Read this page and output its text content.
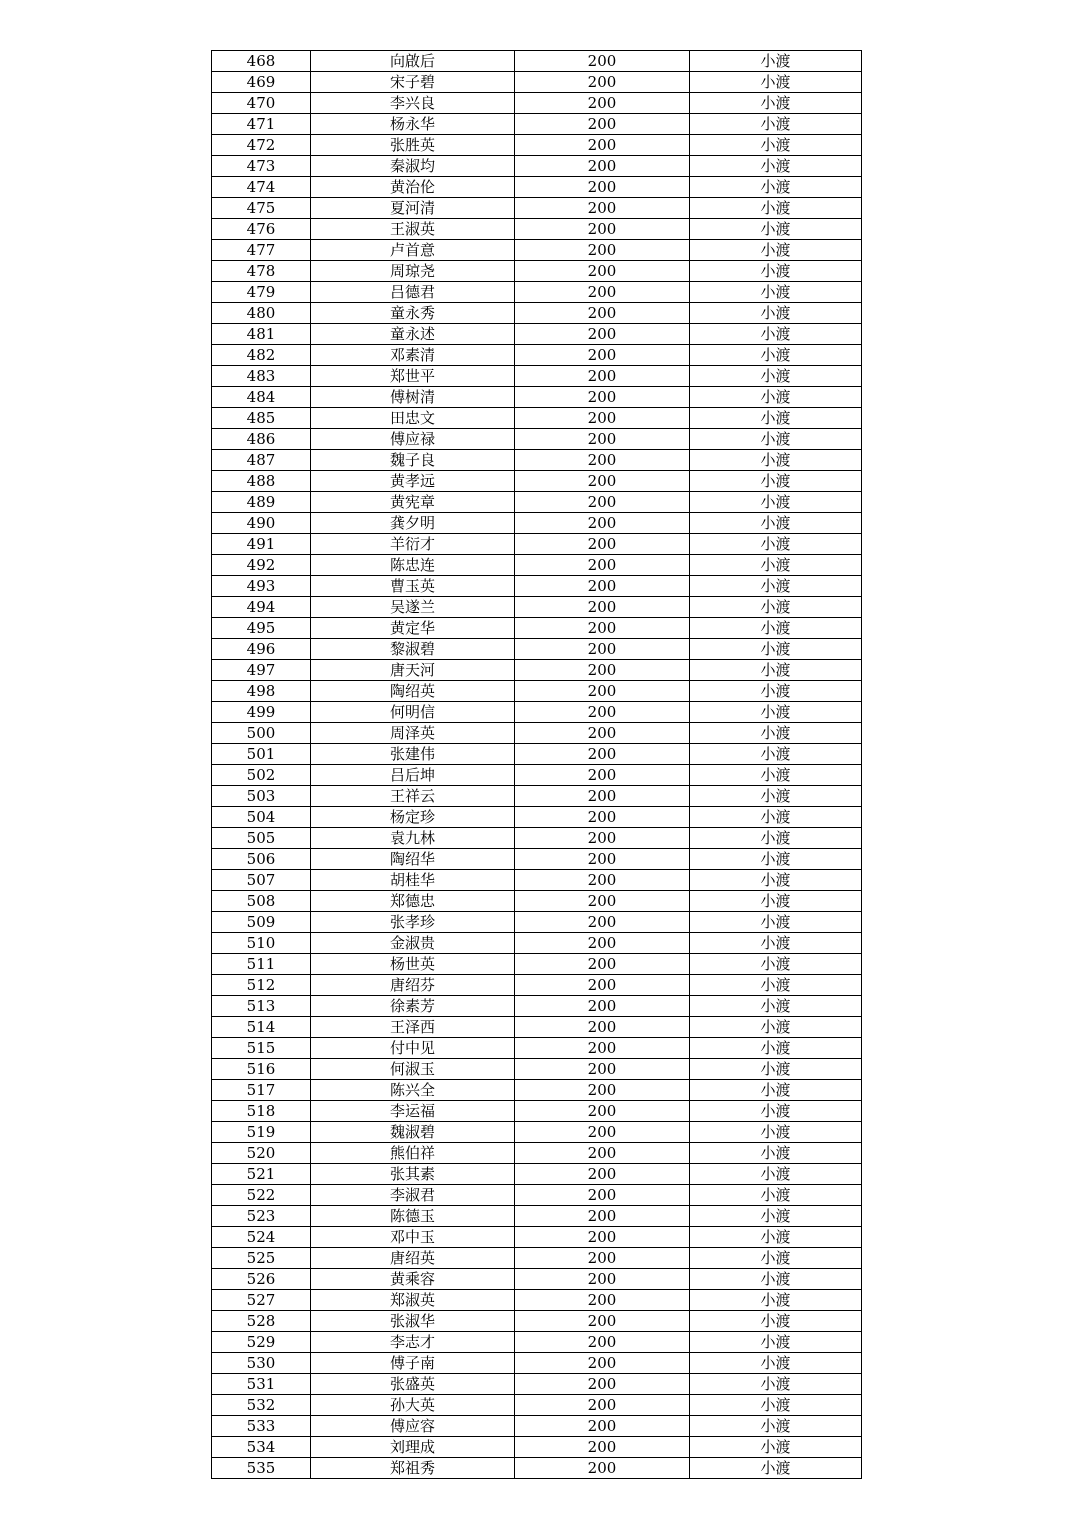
468	向啟后	200	小渡
469	宋子碧	200	小渡
470	李兴良	200	小渡
471	杨永华	200	小渡
472	张胜英	200	小渡
473	秦淑均	200	小渡
474	黄治伦	200	小渡
475	夏河清	200	小渡
476	王淑英	200	小渡
477	卢首意	200	小渡
478	周琼尧	200	小渡
479	吕德君	200	小渡
480	童永秀	200	小渡
481	童永述	200	小渡
482	邓素清	200	小渡
483	郑世平	200	小渡
484	傅树清	200	小渡
485	田忠文	200	小渡
486	傅应禄	200	小渡
487	魏子良	200	小渡
488	黄孝远	200	小渡
489	黄宪章	200	小渡
490	龚夕明	200	小渡
491	羊衍才	200	小渡
492	陈忠连	200	小渡
493	曹玉英	200	小渡
494	吴遂兰	200	小渡
495	黄定华	200	小渡
496	黎淑碧	200	小渡
497	唐天河	200	小渡
498	陶绍英	200	小渡
499	何明信	200	小渡
500	周泽英	200	小渡
501	张建伟	200	小渡
502	吕后坤	200	小渡
503	王祥云	200	小渡
504	杨定珍	200	小渡
505	袁九林	200	小渡
506	陶绍华	200	小渡
507	胡桂华	200	小渡
508	郑德忠	200	小渡
509	张孝珍	200	小渡
510	金淑贵	200	小渡
511	杨世英	200	小渡
512	唐绍芬	200	小渡
513	徐素芳	200	小渡
514	王泽西	200	小渡
515	付中见	200	小渡
516	何淑玉	200	小渡
517	陈兴全	200	小渡
518	李运福	200	小渡
519	魏淑碧	200	小渡
520	熊伯祥	200	小渡
521	张其素	200	小渡
522	李淑君	200	小渡
523	陈德玉	200	小渡
524	邓中玉	200	小渡
525	唐绍英	200	小渡
526	黄乘容	200	小渡
527	郑淑英	200	小渡
528	张淑华	200	小渡
529	李志才	200	小渡
530	傅子南	200	小渡
531	张盛英	200	小渡
532	孙大英	200	小渡
533	傅应容	200	小渡
534	刘理成	200	小渡
535	郑祖秀	200	小渡
